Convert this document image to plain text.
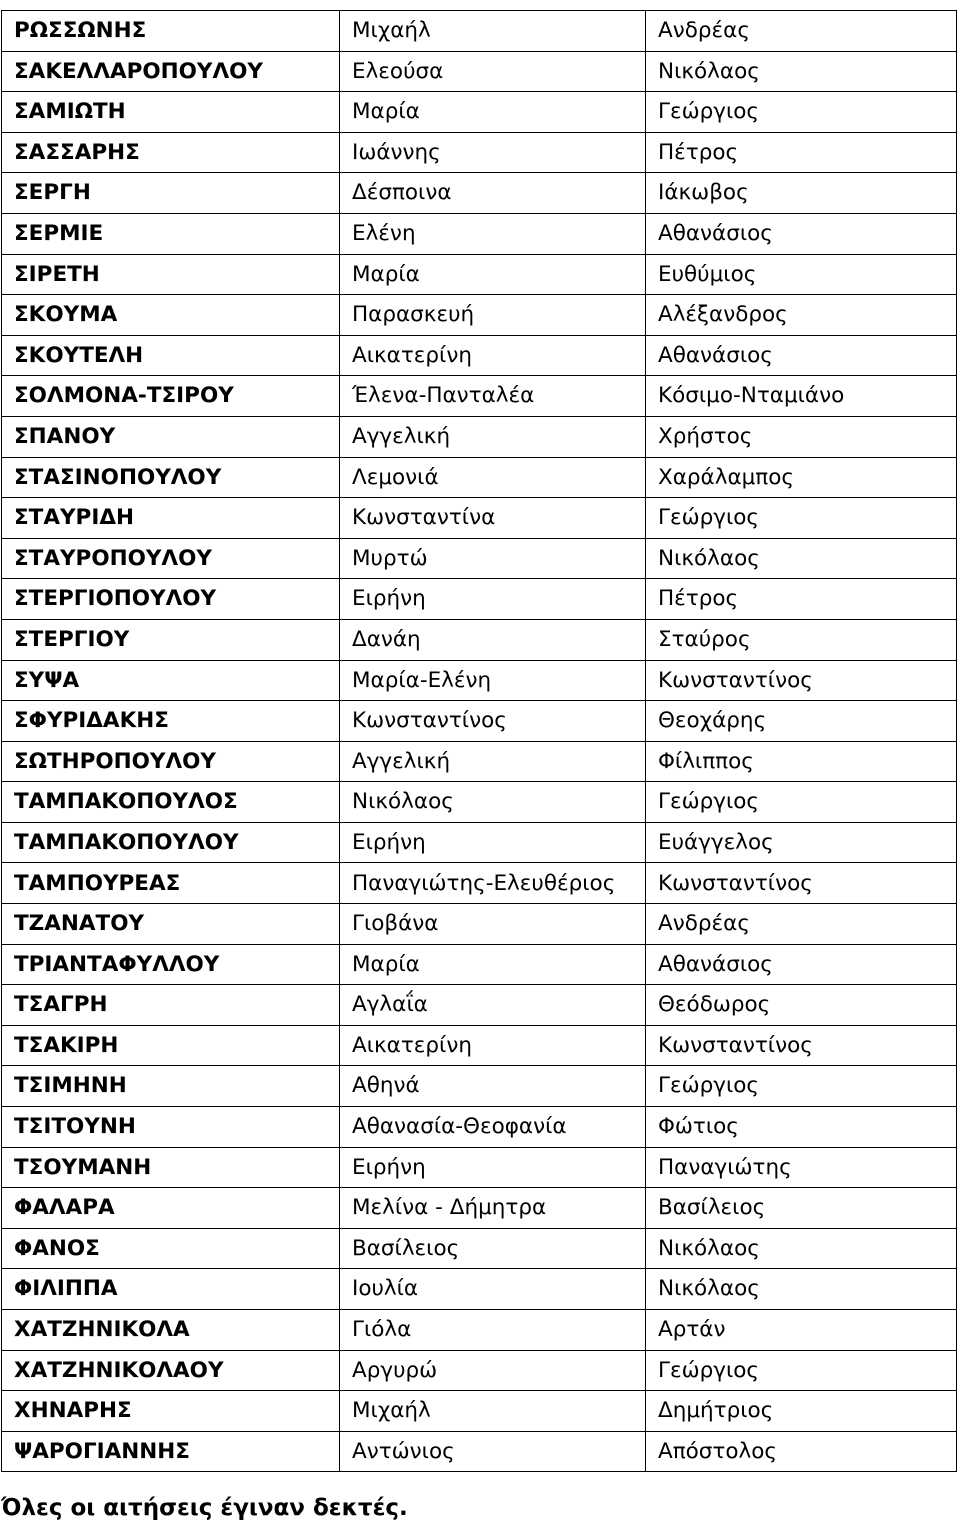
ΡΩΣΣΩΝΗΣ	Μιχαήλ	Ανδρέας
ΣΑΚΕΛΛΑΡΟΠΟΥΛΟΥ	Ελεούσα	Νικόλαος
ΣΑΜΙΩΤΗ	Μαρία	Γεώργιος
ΣΑΣΣΑΡΗΣ	Ιωάννης	Πέτρος
ΣΕΡΓΗ	Δέσποινα	Ιάκωβος
ΣΕΡΜΙΕ	Ελένη	Αθανάσιος
ΣΙΡΕΤΗ	Μαρία	Ευθύμιος
ΣΚΟΥΜΑ	Παρασκευή	Αλέξανδρος
ΣΚΟΥΤΕΛΗ	Αικατερίνη	Αθανάσιος
ΣΟΛΜΟΝΑ-ΤΣΙΡΟΥ	Έλενα-Πανταλέα	Κόσιμο-Νταμιάνο
ΣΠΑΝΟΥ	Αγγελική	Χρήστος
ΣΤΑΣΙΝΟΠΟΥΛΟΥ	Λεμονιά	Χαράλαμπος
ΣΤΑΥΡΙΔΗ	Κωνσταντίνα	Γεώργιος
ΣΤΑΥΡΟΠΟΥΛΟΥ	Μυρτώ	Νικόλαος
ΣΤΕΡΓΙΟΠΟΥΛΟΥ	Ειρήνη	Πέτρος
ΣΤΕΡΓΙΟΥ	Δανάη	Σταύρος
ΣΥΨΑ	Μαρία-Ελένη	Κωνσταντίνος
ΣΦΥΡΙΔΑΚΗΣ	Κωνσταντίνος	Θεοχάρης
ΣΩΤΗΡΟΠΟΥΛΟΥ	Αγγελική	Φίλιππος
ΤΑΜΠΑΚΟΠΟΥΛΟΣ	Νικόλαος	Γεώργιος
ΤΑΜΠΑΚΟΠΟΥΛΟΥ	Ειρήνη	Ευάγγελος
ΤΑΜΠΟΥΡΕΑΣ	Παναγιώτης-Ελευθέριος	Κωνσταντίνος
ΤΖΑΝΑΤΟΥ	Γιοβάνα	Ανδρέας
ΤΡΙΑΝΤΑΦΥΛΛΟΥ	Μαρία	Αθανάσιος
ΤΣΑΓΡΗ	Αγλαΐα	Θεόδωρος
ΤΣΑΚΙΡΗ	Αικατερίνη	Κωνσταντίνος
ΤΣΙΜΗΝΗ	Αθηνά	Γεώργιος
ΤΣΙΤΟΥΝΗ	Αθανασία-Θεοφανία	Φώτιος
ΤΣΟΥΜΑΝΗ	Ειρήνη	Παναγιώτης
ΦΑΛΑΡΑ	Μελίνα - Δήμητρα	Βασίλειος
ΦΑΝΟΣ	Βασίλειος	Νικόλαος
ΦΙΛΙΠΠΑ	Ιουλία	Νικόλαος
ΧΑΤΖΗΝΙΚΟΛΑ	Γιόλα	Αρτάν
ΧΑΤΖΗΝΙΚΟΛΑΟΥ	Αργυρώ	Γεώργιος
ΧΗΝΑΡΗΣ	Μιχαήλ	Δημήτριος
ΨΑΡΟΓΙΑΝΝΗΣ	Αντώνιος	Απόστολος

Όλες οι αιτήσεις έγιναν δεκτές.
